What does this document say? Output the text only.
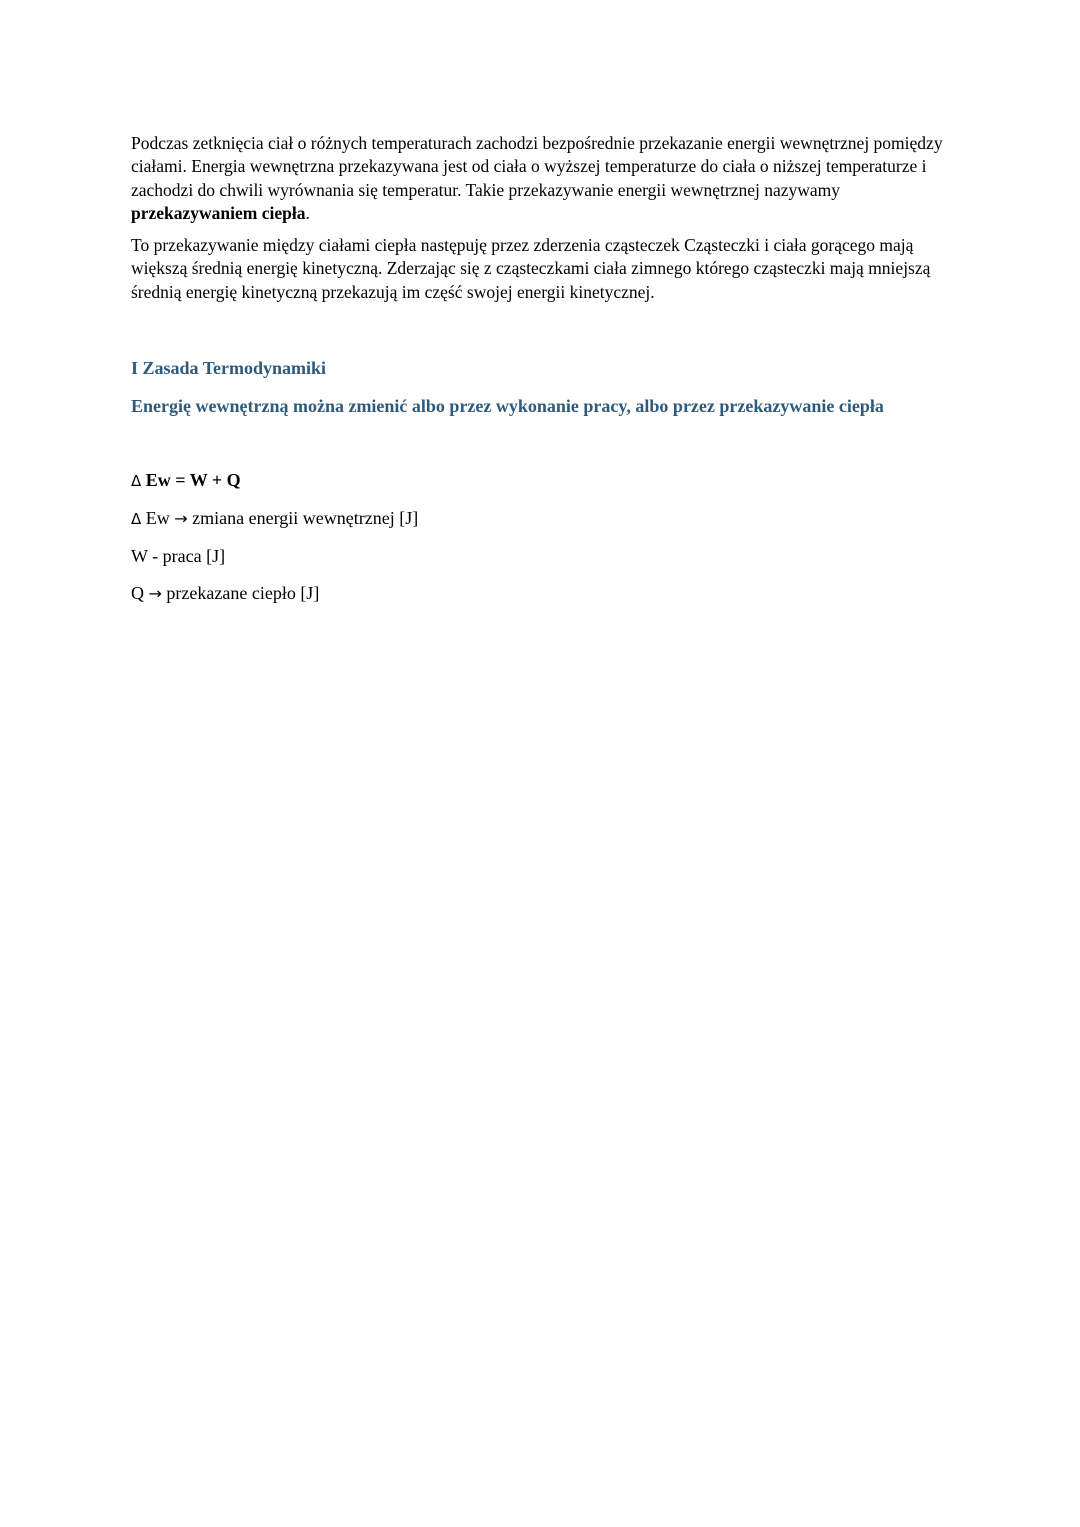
Podczas zetknięcia ciał o różnych temperaturach zachodzi bezpośrednie przekazanie energii wewnętrznej pomiędzy ciałami. Energia wewnętrzna przekazywana jest od ciała o wyższej temperaturze do ciała o niższej temperaturze i zachodzi do chwili wyrównania się temperatur. Takie przekazywanie energii wewnętrznej nazywamy przekazywaniem ciepła.

To przekazywanie między ciałami ciepła następuję przez zderzenia cząsteczek Cząsteczki i ciała gorącego mają większą średnią energię kinetyczną. Zderzając się z cząsteczkami ciała zimnego którego cząsteczki mają mniejszą średnią energię kinetyczną przekazują im część swojej energii kinetycznej.

I Zasada Termodynamiki

Energię wewnętrzną można zmienić albo przez wykonanie pracy, albo przez przekazywanie ciepła

Δ Ew = W + Q

Δ Ew → zmiana energii wewnętrznej [J]

W - praca [J]

Q → przekazane ciepło [J]
